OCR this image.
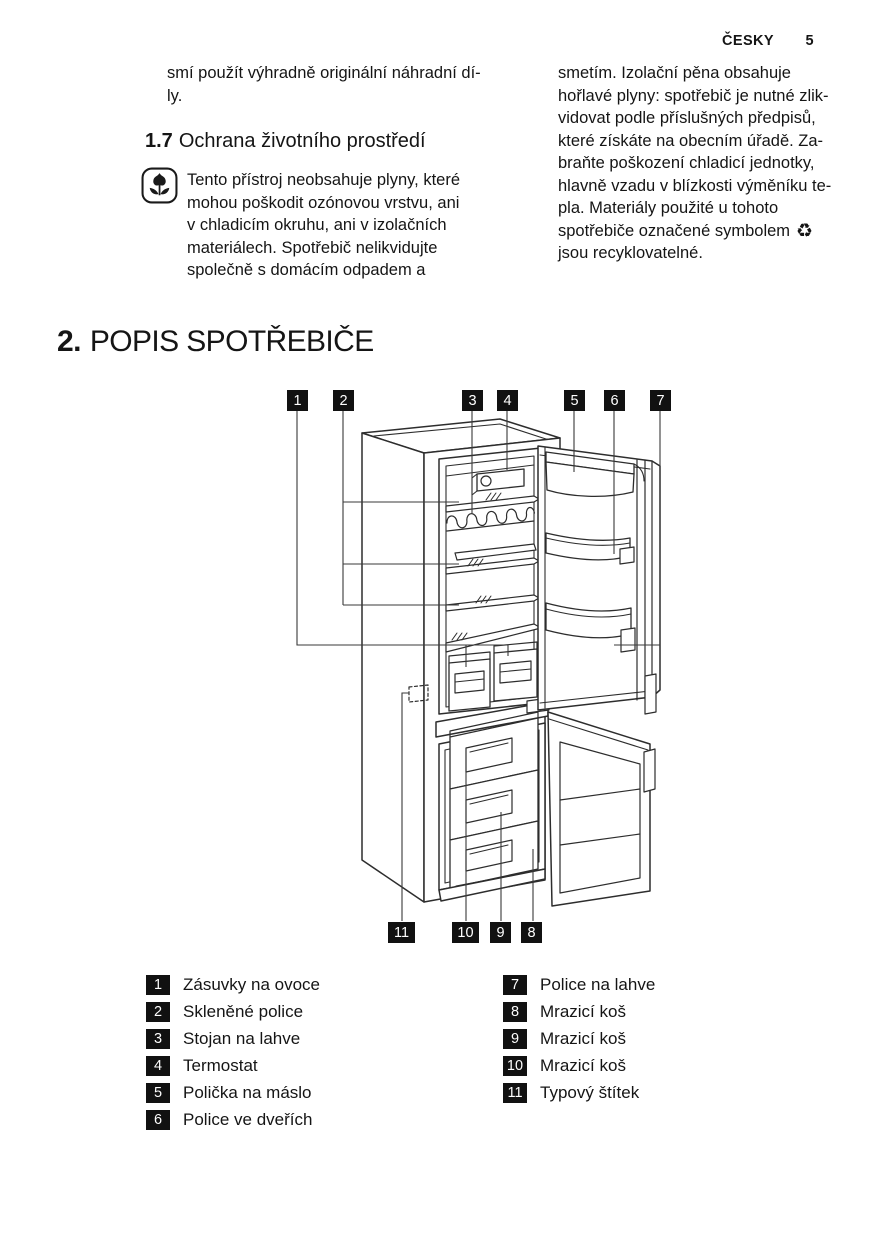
ČESKY 5
smí použít výhradně originální náhradní dí-
ly.
1.7 Ochrana životního prostředí
Tento přístroj neobsahuje plyny, které
mohou poškodit ozónovou vrstvu, ani
v chladicím okruhu, ani v izolačních
materiálech. Spotřebič nelikvidujte
společně s domácím odpadem a
smetím. Izolační pěna obsahuje
hořlavé plyny: spotřebič je nutné zlik-
vidovat podle příslušných předpisů,
které získáte na obecním úřadě. Za-
braňte poškození chladicí jednotky,
hlavně vzadu v blízkosti výměníku te-
pla. Materiály použité u tohoto
spotřebiče označené symbolem ♻
jsou recyklovatelné.
2. POPIS SPOTŘEBIČE
1	2	3	4	5	6	7
8
9
10
11
1	Zásuvky na ovoce
2	Skleněné police
3	Stojan na lahve
4	Termostat
5	Polička na máslo
6	Police ve dveřích
7	Police na lahve
8	Mrazicí koš
9	Mrazicí koš
10 Mrazicí koš
11 Typový štítek
